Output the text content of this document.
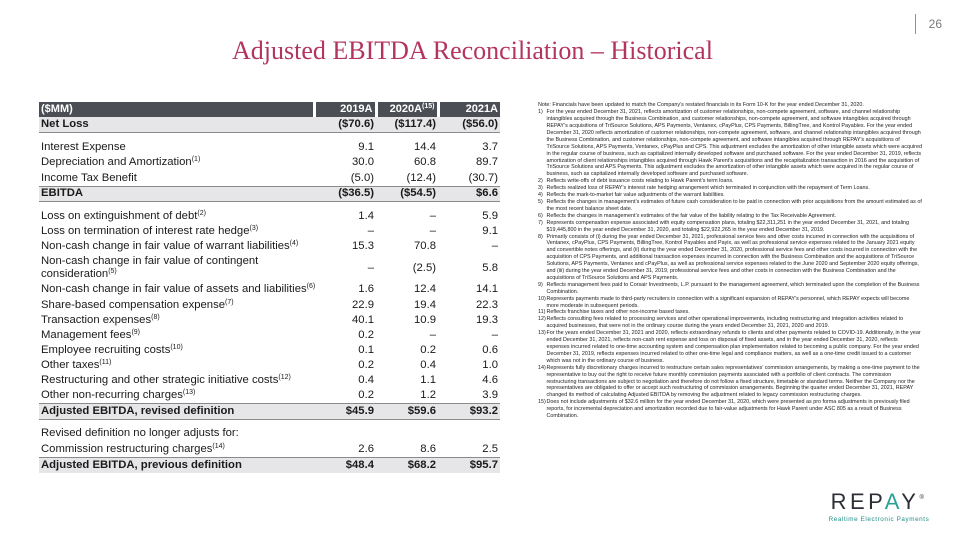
26
Adjusted EBITDA Reconciliation – Historical
($MM)	2019A	$2020A^{(15)}$	2021A
Net Loss	($70.6)	($117.4)	($56.0)

Interest Expense	9.1	14.4	3.7
Depreciation and Amortization$^{(1)}$	30.0	60.8	89.7
Income Tax Benefit	(5.0)	(12.4)	(30.7)
EBITDA	($36.5)	($54.5)	$6.6

Loss on extinguishment of debt$^{(2)}$	1.4	–	5.9
Loss on termination of interest rate hedge$^{(3)}$	–	–	9.1
Non-cash change in fair value of warrant liabilities$^{(4)}$	15.3	70.8	–
Non-cash change in fair value of contingent consideration$^{(5)}$	–	(2.5)	5.8
Non-cash change in fair value of assets and liabilities$^{(6)}$	1.6	12.4	14.1
Share-based compensation expense$^{(7)}$	22.9	19.4	22.3
Transaction expenses$^{(8)}$	40.1	10.9	19.3
Management fees$^{(9)}$	0.2	–	–
Employee recruiting costs$^{(10)}$	0.1	0.2	0.6
Other taxes$^{(11)}$	0.2	0.4	1.0
Restructuring and other strategic initiative costs$^{(12)}$	0.4	1.1	4.6
Other non-recurring charges$^{(13)}$	0.2	1.2	3.9
Adjusted EBITDA, revised definition	$45.9	$59.6	$93.2

Revised definition no longer adjusts for:			
Commission restructuring charges$^{(14)}$	2.6	8.6	2.5
Adjusted EBITDA, previous definition	$48.4	$68.2	$95.7
Note: Financials have been updated to match the Company’s restated financials in its Form 10-K for the year ended December 31, 2020.
1) For the year ended December 31, 2021, reflects amortization of customer relationships, non-compete agreement, software, and channel relationship intangibles acquired through the Business Combination, and customer relationships, non-compete agreement, and software intangibles acquired through REPAY’s acquisitions of TriSource Solutions, APS Payments, Ventanex, cPayPlus, CPS Payments, BillingTree, and Kontrol Payables. For the year ended December 31, 2020 reflects amortization of customer relationships, non-compete agreement, software, and channel relationship intangibles acquired through the Business Combination, and customer relationships, non-compete agreement, and software intangibles acquired through REPAY’s acquisitions of TriSource Solutions, APS Payments, Ventanex, cPayPlus and CPS. This adjustment excludes the amortization of other intangible assets which were acquired in the regular course of business, such as capitalized internally developed software and purchased software. For the year ended December 31, 2019, reflects amortization of client relationships intangibles acquired through Hawk Parent’s acquisitions and the recapitalization transaction in 2016 and the acquisition of TriSource Solutions and APS Payments. This adjustment excludes the amortization of other intangible assets which were acquired in the regular course of business, such as capitalized internally developed software and purchased software.
2) Reflects write-offs of debt issuance costs relating to Hawk Parent’s term loans.
3) Reflects realized loss of REPAY’s interest rate hedging arrangement which terminated in conjunction with the repayment of Term Loans.
4) Reflects the mark-to-market fair value adjustments of the warrant liabilities.
5) Reflects the changes in management’s estimates of future cash consideration to be paid in connection with prior acquisitions from the amount estimated as of the most recent balance sheet date.
6) Reflects the changes in management’s estimates of the fair value of the liability relating to the Tax Receivable Agreement.
7) Represents compensation expense associated with equity compensation plans, totaling $22,311,251 in the year ended December 31, 2021, and totaling $19,445,800 in the year ended December 31, 2020, and totaling $22,922,265 in the year ended December 31, 2019.
8) Primarily consists of (i) during the year ended December 31, 2021, professional service fees and other costs incurred in connection with the acquisitions of Ventanex, cPayPlus, CPS Payments, BillingTree, Kontrol Payables and Payix, as well as professional service expenses related to the January 2021 equity and convertible notes offerings, and (ii) during the year ended December 31, 2020, professional service fees and other costs incurred in connection with the acquisition of CPS Payments, and additional transaction expenses incurred in connection with the Business Combination and the acquisitions of TriSource Solutions, APS Payments, Ventanex and cPayPlus, as well as professional service expenses related to the June 2020 and September 2020 equity offerings, and (iii) during the year ended December 31, 2019, professional service fees and other costs in connection with the Business Combination and the acquisitions of TriSource Solutions and APS Payments.
9) Reflects management fees paid to Corsair Investments, L.P. pursuant to the management agreement, which terminated upon the completion of the Business Combination.
10) Represents payments made to third-party recruiters in connection with a significant expansion of REPAY’s personnel, which REPAY expects will become more moderate in subsequent periods.
11) Reflects franchise taxes and other non-income based taxes.
12) Reflects consulting fees related to processing services and other operational improvements, including restructuring and integration activities related to acquired businesses, that were not in the ordinary course during the years ended December 31, 2021, 2020 and 2019.
13) For the years ended December 31, 2021 and 2020, reflects extraordinary refunds to clients and other payments related to COVID-19. Additionally, in the year ended December 31, 2021, reflects non-cash rent expense and loss on disposal of fixed assets, and in the year ended December 31, 2020, reflects expenses incurred related to one-time accounting system and compensation plan implementation related to becoming a public company. For the year ended December 31, 2019, reflects expenses incurred related to other one-time legal and compliance matters, as well as a one-time credit issued to a customer which was not in the ordinary course of business.
14) Represents fully discretionary charges incurred to restructure certain sales representatives’ commission arrangements, by making a one-time payment to the representative to buy out the right to receive future monthly commission payments associated with a portfolio of client contracts. The commission restructuring transactions are subject to negotiation and therefore do not follow a fixed structure, timetable or standard terms. Neither the Company nor the representatives are obligated to offer or accept such restructuring of commission arrangements. Beginning the quarter ended December 31, 2021, REPAY changed its method of calculating Adjusted EBITDA by removing the adjustment related to legacy commission restructuring charges.
15) Does not include adjustments of $32.6 million for the year ended December 31, 2020, which were presented as pro forma adjustments in previously filed reports, for incremental depreciation and amortization recorded due to fair-value adjustments for Hawk Parent under ASC 805 as a result of Business Combination.
REPAY®
Realtime Electronic Payments
